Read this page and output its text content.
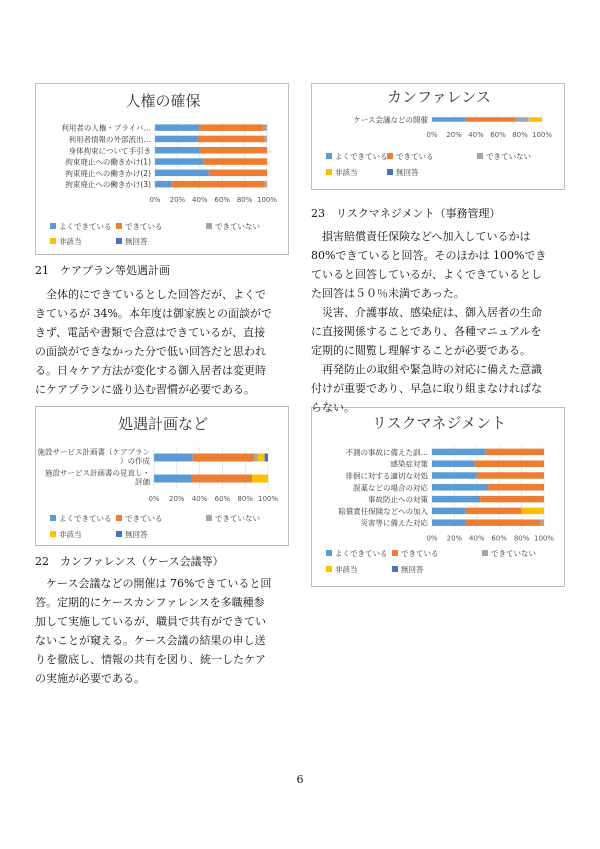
人権の確保
0% 20% 40% 60% 80% 100%
利用者の人権・プライバ…
利用者情報の外部流出…
身体拘束について手引き
拘束廃止への働きかけ(1)
拘束廃止への働きかけ(2)
拘束廃止への働きかけ(3)
よくできている できている	できていない
非該当	無回答
カンファレンス
0% 20% 40% 60% 80% 100%
ケース会議などの開催
よくできている できている	できていない
非該当	無回答
処遇計画など
0% 20% 40% 60% 80% 100%
施設サービス計画書（ケアプラン
）の作成
施設サービス計画書の見直し・
評価
よくできている できている	できていない
非該当	無回答
リスクマネジメント
0% 20% 40% 60% 80% 100%
不測の事故に備えた訓…
感染症対策
徘徊に対する適切な対処
誤薬などの場合の対応
事故防止への対策
賠償責任保険などへの加入
災害等に備えた対応
よくできている できている	できていない
非該当	無回答
21　ケアプラン等処遇計画

　全体的にできているとした回答だが、よくで

きているが 34%。本年度は御家族との面談がで

きず、電話や書類で合意はできているが、直接

の面談ができなかった分で低い回答だと思われ

る。日々ケア方法が変化する御入居者は変更時

にケアプランに盛り込む習慣が必要である。

22　カンファレンス（ケース会議等）

　ケース会議などの開催は 76%できていると回

答。定期的にケースカンファレンスを多職種参

加して実施しているが、職員で共有ができてい

ないことが窺える。ケース会議の結果の申し送

りを徹底し、情報の共有を図り、統一したケア

の実施が必要である。

23　リスクマネジメント（事務管理）

　損害賠償責任保険などへ加入しているかは

80%できていると回答。そのほかは 100%でき

ていると回答しているが、よくできているとし

た回答は５０％未満であった。

　災害、介護事故、感染症は、御入居者の生命

に直接関係することであり、各種マニュアルを

定期的に閲覧し理解することが必要である。

　再発防止の取組や緊急時の対応に備えた意識

付けが重要であり、早急に取り組まなければな

らない。

6
